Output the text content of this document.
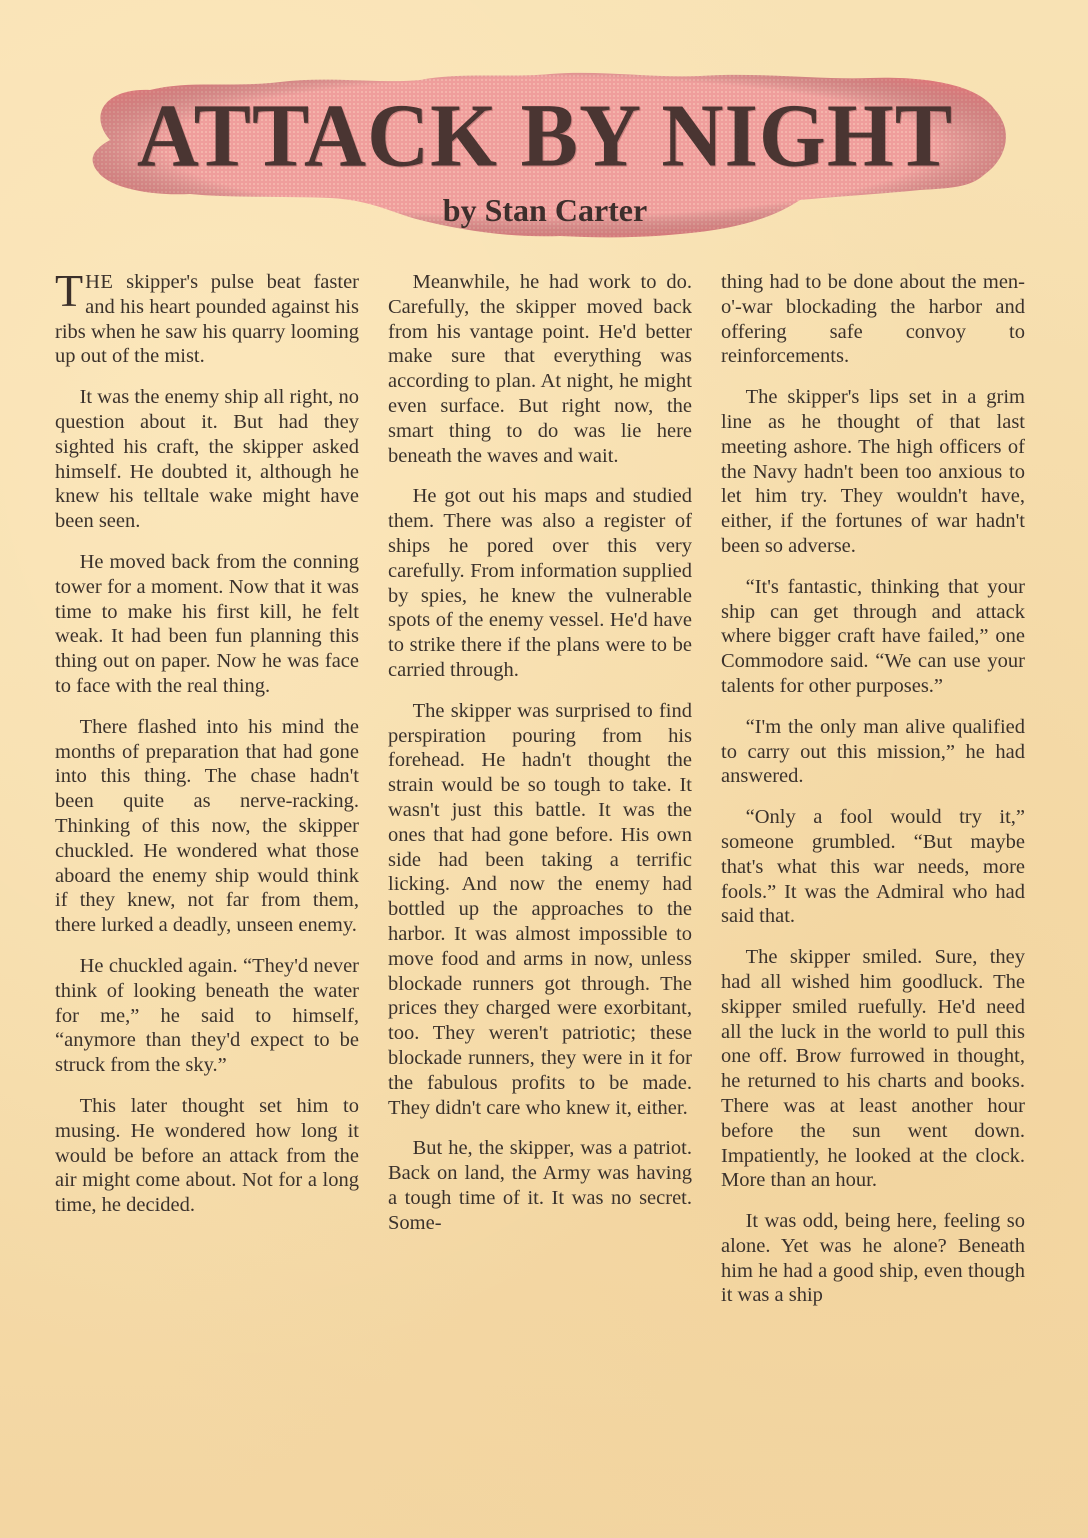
ATTACK BY NIGHT
by Stan Carter

THE skipper's pulse beat faster and his heart pounded against his ribs when he saw his quarry looming up out of the mist.

It was the enemy ship all right, no question about it. But had they sighted his craft, the skipper asked himself. He doubted it, although he knew his telltale wake might have been seen.

He moved back from the conning tower for a moment. Now that it was time to make his first kill, he felt weak. It had been fun planning this thing out on paper. Now he was face to face with the real thing.

There flashed into his mind the months of preparation that had gone into this thing. The chase hadn't been quite as nerve-racking. Thinking of this now, the skipper chuckled. He wondered what those aboard the enemy ship would think if they knew, not far from them, there lurked a deadly, unseen enemy.

He chuckled again. “They'd never think of looking beneath the water for me,” he said to himself, “anymore than they'd expect to be struck from the sky.”

This later thought set him to musing. He wondered how long it would be before an attack from the air might come about. Not for a long time, he decided.

Meanwhile, he had work to do. Carefully, the skipper moved back from his vantage point. He'd better make sure that everything was according to plan. At night, he might even surface. But right now, the smart thing to do was lie here beneath the waves and wait.

He got out his maps and studied them. There was also a register of ships he pored over this very carefully. From information supplied by spies, he knew the vulnerable spots of the enemy vessel. He'd have to strike there if the plans were to be carried through.

The skipper was surprised to find perspiration pouring from his forehead. He hadn't thought the strain would be so tough to take. It wasn't just this battle. It was the ones that had gone before. His own side had been taking a terrific licking. And now the enemy had bottled up the approaches to the harbor. It was almost impossible to move food and arms in now, unless blockade runners got through. The prices they charged were exorbitant, too. They weren't patriotic; these blockade runners, they were in it for the fabulous profits to be made. They didn't care who knew it, either.

But he, the skipper, was a patriot. Back on land, the Army was having a tough time of it. It was no secret. Some-

thing had to be done about the men-o'-war blockading the harbor and offering safe convoy to reinforcements.

The skipper's lips set in a grim line as he thought of that last meeting ashore. The high officers of the Navy hadn't been too anxious to let him try. They wouldn't have, either, if the fortunes of war hadn't been so adverse.

“It's fantastic, thinking that your ship can get through and attack where bigger craft have failed,” one Commodore said. “We can use your talents for other purposes.”

“I'm the only man alive qualified to carry out this mission,” he had answered.

“Only a fool would try it,” someone grumbled. “But maybe that's what this war needs, more fools.” It was the Admiral who had said that.

The skipper smiled. Sure, they had all wished him goodluck. The skipper smiled ruefully. He'd need all the luck in the world to pull this one off. Brow furrowed in thought, he returned to his charts and books. There was at least another hour before the sun went down. Impatiently, he looked at the clock. More than an hour.

It was odd, being here, feeling so alone. Yet was he alone? Beneath him he had a good ship, even though it was a ship
